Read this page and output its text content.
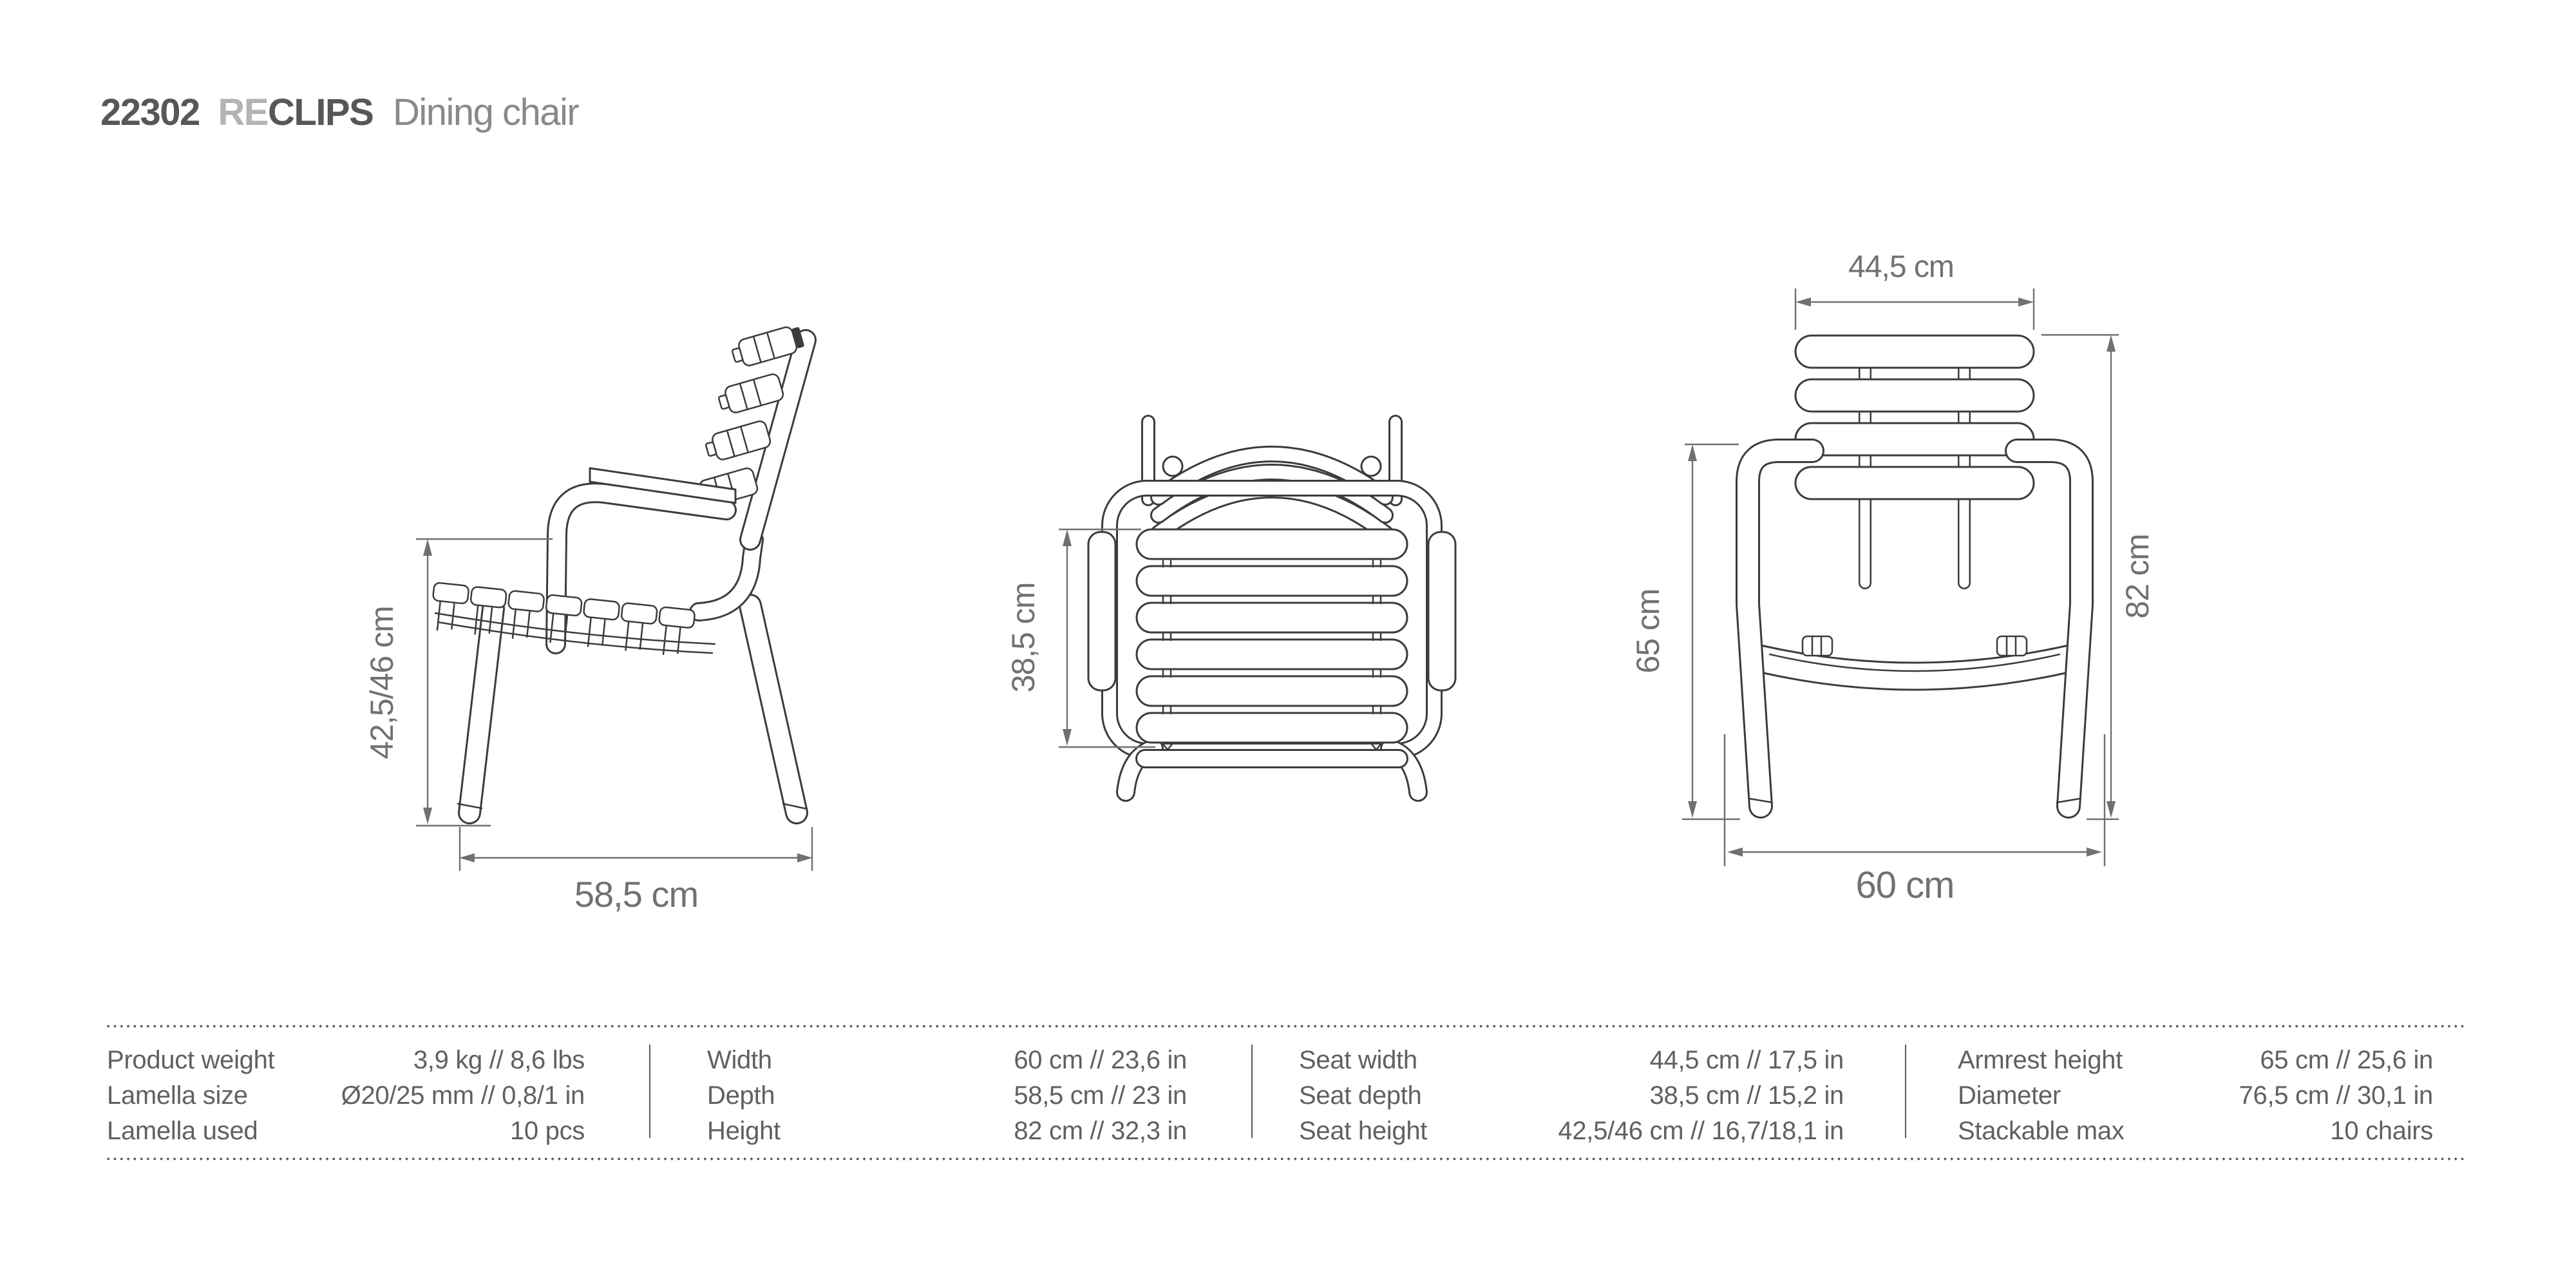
22302 RECLIPS Dining chair
42,5/46 cm
58,5 cm
38,5 cm
44,5 cm
82 cm
65 cm
60 cm
Product weight	3,9 kg // 8,6 lbs
Lamella size	Ø20/25 mm // 0,8/1 in
Lamella used	10 pcs
Width	60 cm // 23,6 in
Depth	58,5 cm // 23 in
Height	82 cm // 32,3 in
Seat width	44,5 cm // 17,5 in
Seat depth	38,5 cm // 15,2 in
Seat height	42,5/46 cm // 16,7/18,1 in
Armrest height	65 cm // 25,6 in
Diameter	76,5 cm // 30,1 in
Stackable max	10 chairs
